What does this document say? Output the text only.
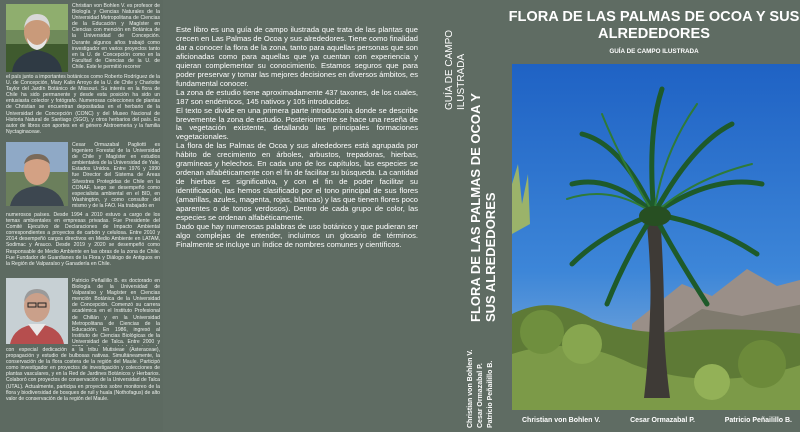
Christian von Bohlen V. es profesor de Biología y Ciencias Naturales de la Universidad Metropolitana de Ciencias de la Educación y Magíster en Ciencias con mención en Botánica de la Universidad de Concepción. Durante algunos años trabajó como investigador en varios proyectos tanto en la U. de Concepción como en la Facultad de Ciencias de la U. de Chile. Este le permitió recorrer
el país junto a importantes botánicos como Roberto Rodríguez de la U. de Concepción, Mary Kalin Arroyo de la U. de Chile y Charlotte Taylor del Jardín Botánico de Missouri. Su interés en la flora de Chile ha sido permanente y desde esta posición ha sido un entusiasta colector y fotógrafo. Numerosas colecciones de plantas de Christian se encuentran depositadas en el herbario de la Universidad de Concepción (CONC) y del Museo Nacional de Historia Natural de Santiago (SGO), y otros herbarios del país. Es autor de libros con aportes en el género Alstroemeria y la familia Nyctaginaceae.
Cesar Ormazabal Pagliotti es Ingeniero Forestal de la Universidad de Chile y Magíster en estudios ambientales de la Universidad de Yale, Estados Unidos. Entre 1976 y 1990 fue Director del Sistema de Áreas Silvestres Protegidas de Chile en la CONAF, luego se desempeñó como especialista ambiental en el BID, en Washington, y como consultor del mismo y de la FAO. Ha trabajado en
numerosos países. Desde 1994 a 2010 estuvo a cargo de los temas ambientales en empresas privadas. Fue Presidente del Comité Ejecutivo de Declaraciones de Impacto Ambiental correspondientes a proyectos de carbón y celulosa. Entre 2010 y 2014 desempeñó cargos directivos en Medio Ambiente en LATAM, Sodimac y Arauco. Desde 2019 y 2020 se desempeñó como Responsable de Medio Ambiente en las obras de la zona de Chile. Fue Fundador de Guardianes de la Flora y Diálogo de Antiguos en la Región de Valparaíso y Ganadería en Chile.
Patricio Peñailillo B. es doctorado en Biología de la Universidad de Valparaíso y Magíster en Ciencias mención Botánica de la Universidad de Concepción. Comenzó su carrera académica en el Instituto Profesional de Chillán y en la Universidad Metropolitana de Ciencias de la Educación. En 1986, ingresó al Instituto de Ciencias Biológicas de la Universidad de Talca. Entre 2000 y
con especial dedicación a la tribu Mutisieae (Asteraceae), propagación y estudio de bulbosas nativas. Simultáneamente, la conservación de la flora costera de la región del Maule. Participó como investigador en proyectos de investigación y colecciones de plantas vasculares, y en la Red de Jardines Botánicos y Herbarios. Colaboró con proyectos de conservación de la Universidad de Talca (UTAL). Actualmente, participa en proyectos sobre monitoreo de la flora y biodiversidad de bosques de ruil y huala (Nothofagus) de alto valor de conservación de la región del Maule.

Este libro es una guía de campo ilustrada que trata de las plantas que crecen en Las Palmas de Ocoa y sus alrededores. Tiene como finalidad dar a conocer la flora de la zona, tanto para aquellas personas que son aficionadas como para aquellas que ya cuentan con experiencia y quieran complementar su conocimiento. Estamos seguros que para poder preservar y tomar las mejores decisiones en diversos ámbitos, es fundamental conocer.

La zona de estudio tiene aproximadamente 437 taxones, de los cuales, 187 son endémicos, 145 nativos y 105 introducidos.

El texto se divide en una primera parte introductoria donde se describe brevemente la zona de estudio. Posteriormente se hace una reseña de la vegetación existente, detallando las principales formaciones vegetacionales.

La flora de las Palmas de Ocoa y sus alrededores está agrupada por hábito de crecimiento en árboles, arbustos, trepadoras, hierbas, gramíneas y helechos. En cada uno de los capítulos, las especies se ordenan alfabéticamente con el fin de facilitar su búsqueda. La cantidad de hierbas es significativa, y con el fin de poder facilitar su identificación, las hemos clasificado por el tono principal de sus flores (amarillas, azules, magenta, rojas, blancas) y las que tienen flores poco aparentes o de tonos verdosos). Dentro de cada grupo de color, las especies se ordenan alfabéticamente.

Dado que hay numerosas palabras de uso botánico y que pudieran ser algo complejas de entender, incluimos un glosario de términos. Finalmente se incluye un índice de nombres comunes y científicos.

GUÍA DE CAMPO ILUSTRADA
FLORA DE LAS PALMAS DE OCOA Y SUS ALREDEDORES
Christian von Bohlen V. Cesar Ormazabal P. Patricio Peñailillo B.
FLORA DE LAS PALMAS DE OCOA Y SUS
ALREDEDORES
GUÍA DE CAMPO ILUSTRADA
Christian von Bohlen V.	Cesar Ormazabal P.	Patricio Peñailillo B.
